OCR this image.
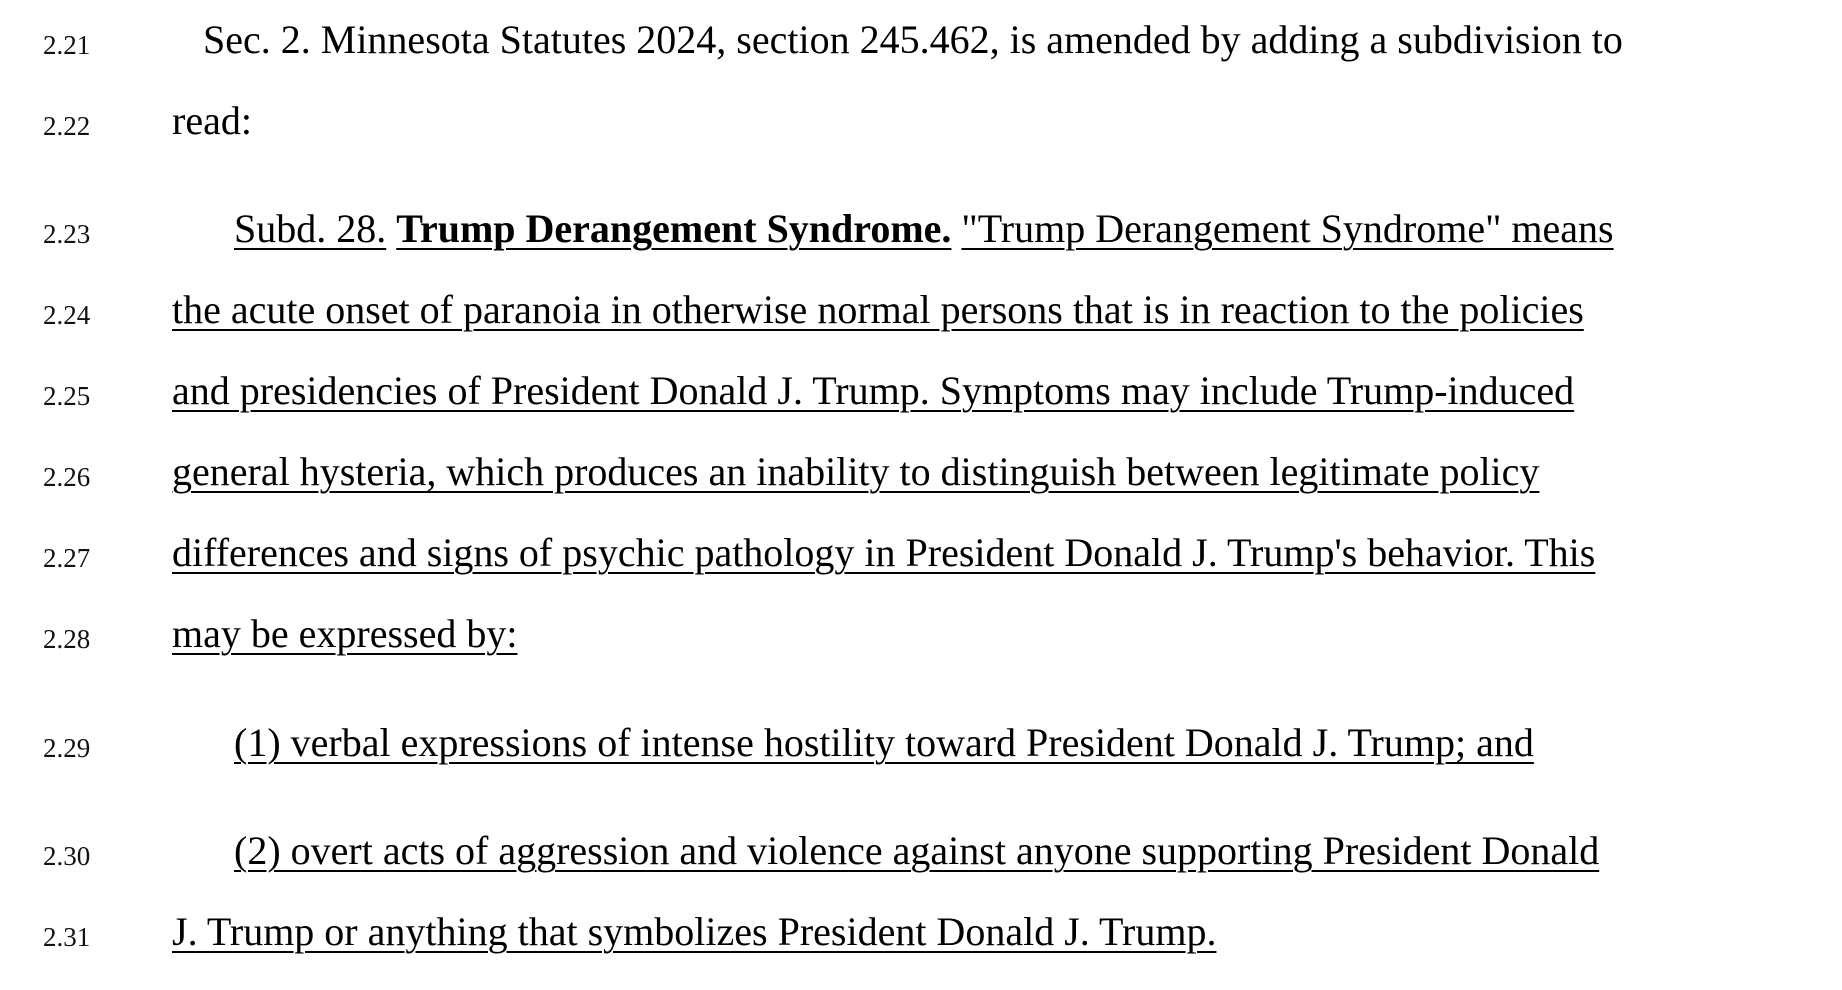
2.21	Sec. 2. Minnesota Statutes 2024, section 245.462, is amended by adding a subdivision to
2.22 read:
2.23	Subd. 28. Trump Derangement Syndrome. "Trump Derangement Syndrome" means
2.24 the acute onset of paranoia in otherwise normal persons that is in reaction to the policies
2.25 and presidencies of President Donald J. Trump. Symptoms may include Trump-induced
2.26 general hysteria, which produces an inability to distinguish between legitimate policy
2.27 differences and signs of psychic pathology in President Donald J. Trump's behavior. This
2.28 may be expressed by:
2.29	(1) verbal expressions of intense hostility toward President Donald J. Trump; and
2.30	(2) overt acts of aggression and violence against anyone supporting President Donald
2.31 J. Trump or anything that symbolizes President Donald J. Trump.
